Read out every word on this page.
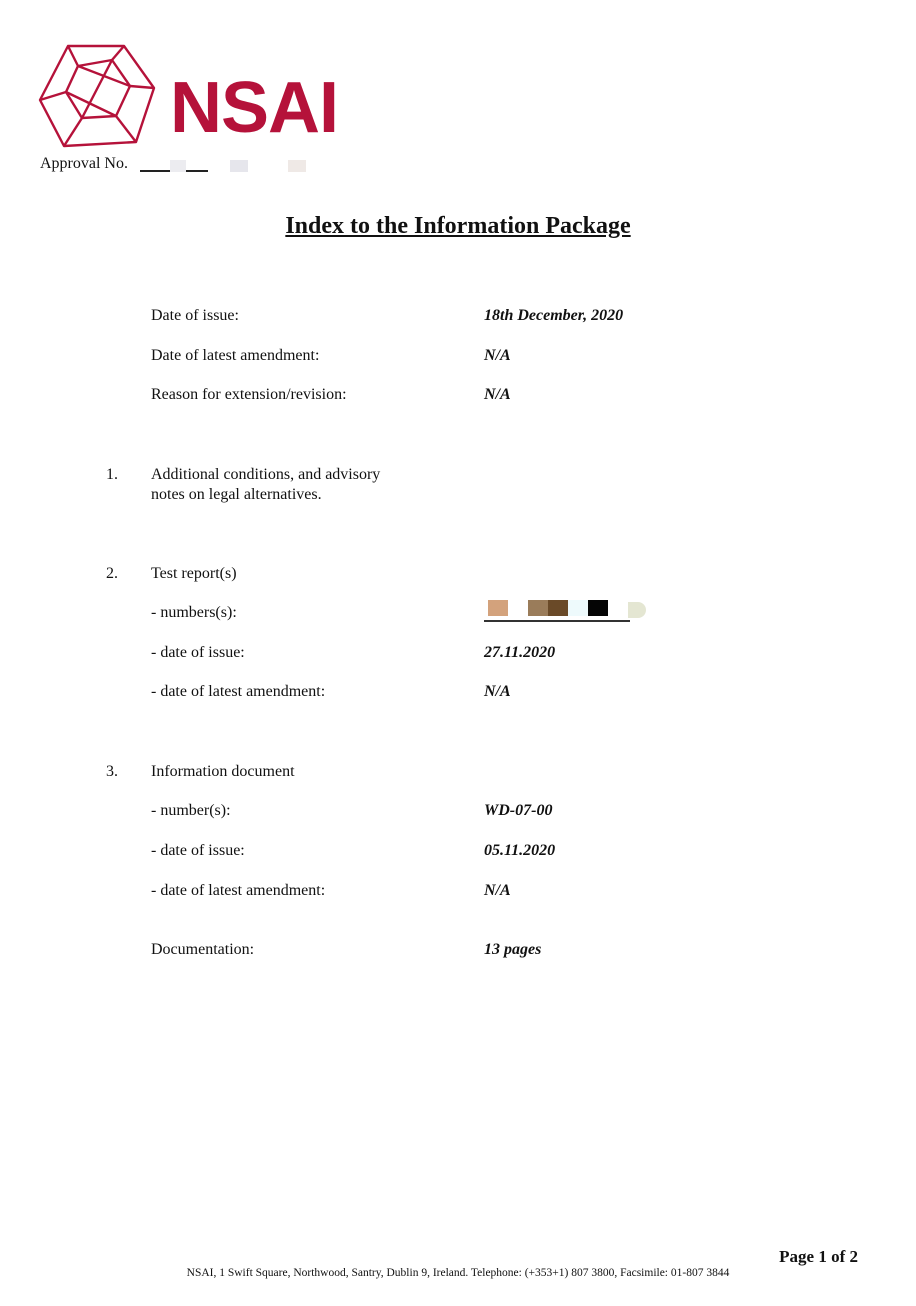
NSAI
Approval No.
Index to the Information Package
Date of issue:	18th December, 2020
Date of latest amendment:	N/A
Reason for extension/revision:	N/A
1. Additional conditions, and advisory
notes on legal alternatives.
2. Test report(s)
- numbers(s):
- date of issue:	27.11.2020
- date of latest amendment:	N/A
3. Information document
- number(s):	WD-07-00
- date of issue:	05.11.2020
- date of latest amendment:	N/A
Documentation:	13 pages
Page 1 of 2
NSAI, 1 Swift Square, Northwood, Santry, Dublin 9, Ireland. Telephone: (+353+1) 807 3800, Facsimile: 01-807 3844
